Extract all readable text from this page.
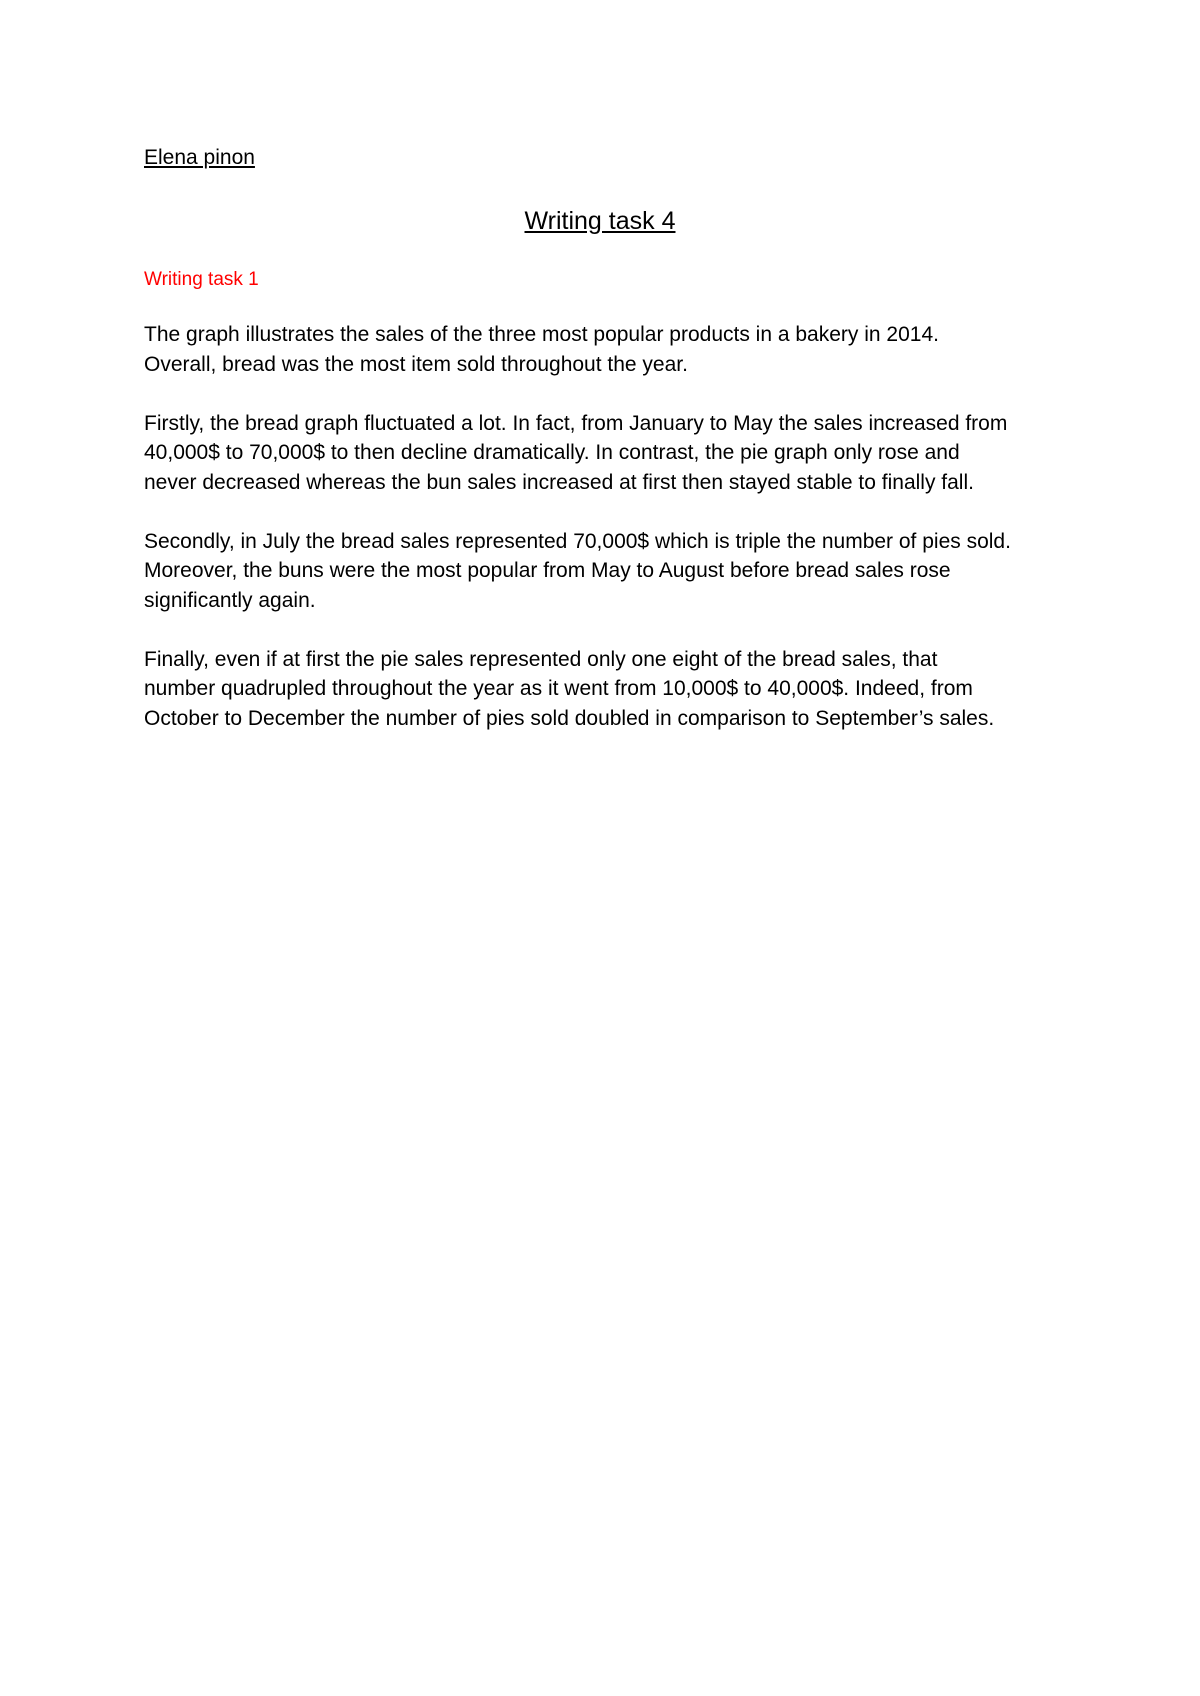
Elena pinon

Writing task 4

Writing task 1

The graph illustrates the sales of the three most popular products in a bakery in 2014.
Overall, bread was the most item sold throughout the year.

Firstly, the bread graph fluctuated a lot. In fact, from January to May the sales increased from
40,000$ to 70,000$ to then decline dramatically. In contrast, the pie graph only rose and
never decreased whereas the bun sales increased at first then stayed stable to finally fall.

Secondly, in July the bread sales represented 70,000$ which is triple the number of pies sold.
Moreover, the buns were the most popular from May to August before bread sales rose
significantly again.

Finally, even if at first the pie sales represented only one eight of the bread sales, that
number quadrupled throughout the year as it went from 10,000$ to 40,000$. Indeed, from
October to December the number of pies sold doubled in comparison to September’s sales.
